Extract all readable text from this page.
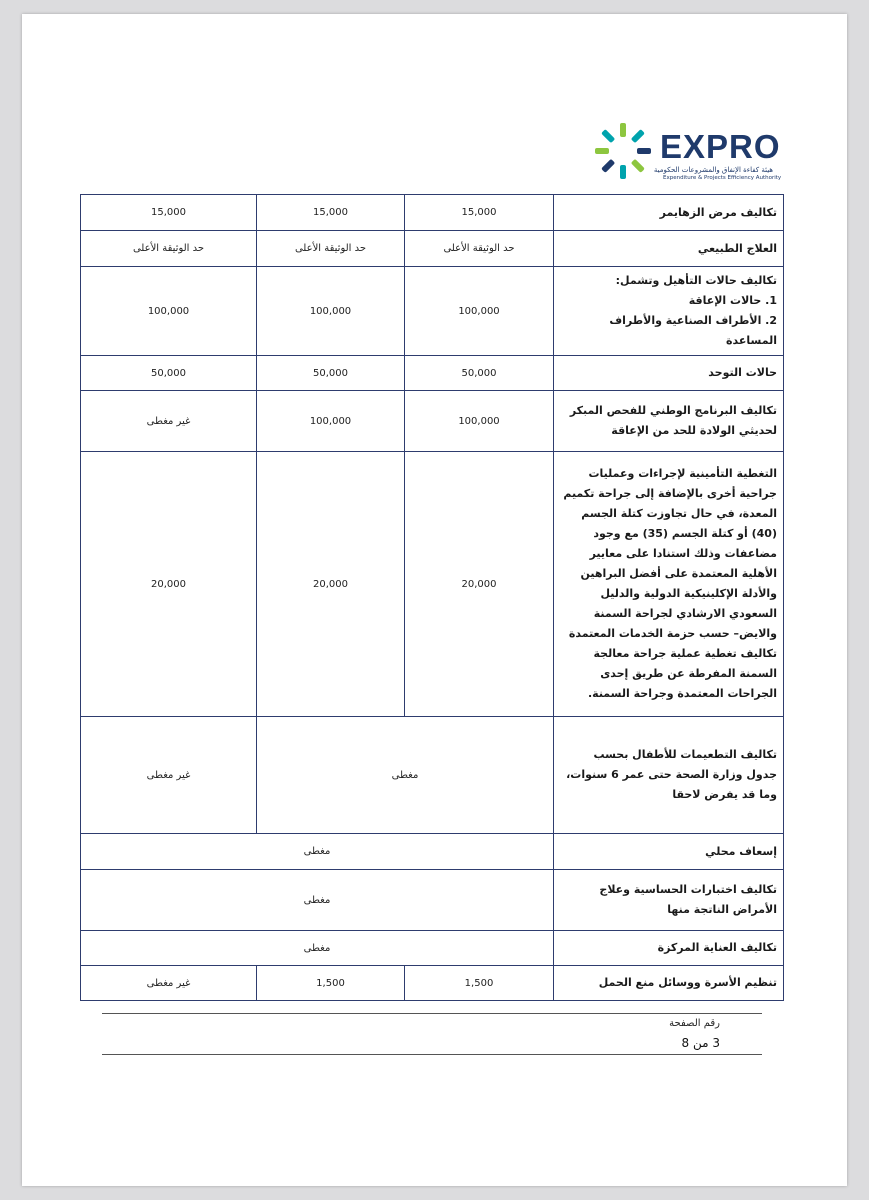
EXPRO
هيئة كفاءة الإنفاق والمشروعات الحكومية
Expenditure & Projects Efficiency Authority
15,000	15,000	15,000	تكاليف مرض الزهايمر
حد الوثيقة الأعلى	حد الوثيقة الأعلى	حد الوثيقة الأعلى	العلاج الطبيعي
100,000	100,000	100,000	تكاليف حالات التأهيل وتشمل:
1. حالات الإعاقة
2. الأطراف الصناعية والأطراف المساعدة

50,000	50,000	50,000	حالات التوحد
غير مغطى	100,000	100,000	تكاليف البرنامج الوطني للفحص المبكر لحديثي الولادة للحد من الإعاقة
20,000	20,000	20,000	التغطية التأمينية لإجراءات وعمليات جراحية أخرى بالإضافة إلى جراحة تكميم المعدة، في حال تجاوزت كتلة الجسم (40) أو كتلة الجسم (35) مع وجود مضاعفات وذلك استنادا على معايير الأهلية المعتمدة على أفضل البراهين والأدلة الإكلينيكية الدولية والدليل السعودي الارشادي لجراحة السمنة والايض– حسب حزمة الخدمات المعتمدة تكاليف تغطية عملية جراحة معالجة السمنة المفرطة عن طريق إحدى الجراحات المعتمدة وجراحة السمنة.
غير مغطى	مغطى		تكاليف التطعيمات للأطفال بحسب جدول وزارة الصحة حتى عمر 6 سنوات، وما قد يفرض لاحقا
مغطى			إسعاف محلي
مغطى			تكاليف اختبارات الحساسية وعلاج الأمراض الناتجة منها
مغطى			تكاليف العناية المركزة
غير مغطى	1,500	1,500	تنظيم الأسرة ووسائل منع الحمل
رقم الصفحة
3 من 8
